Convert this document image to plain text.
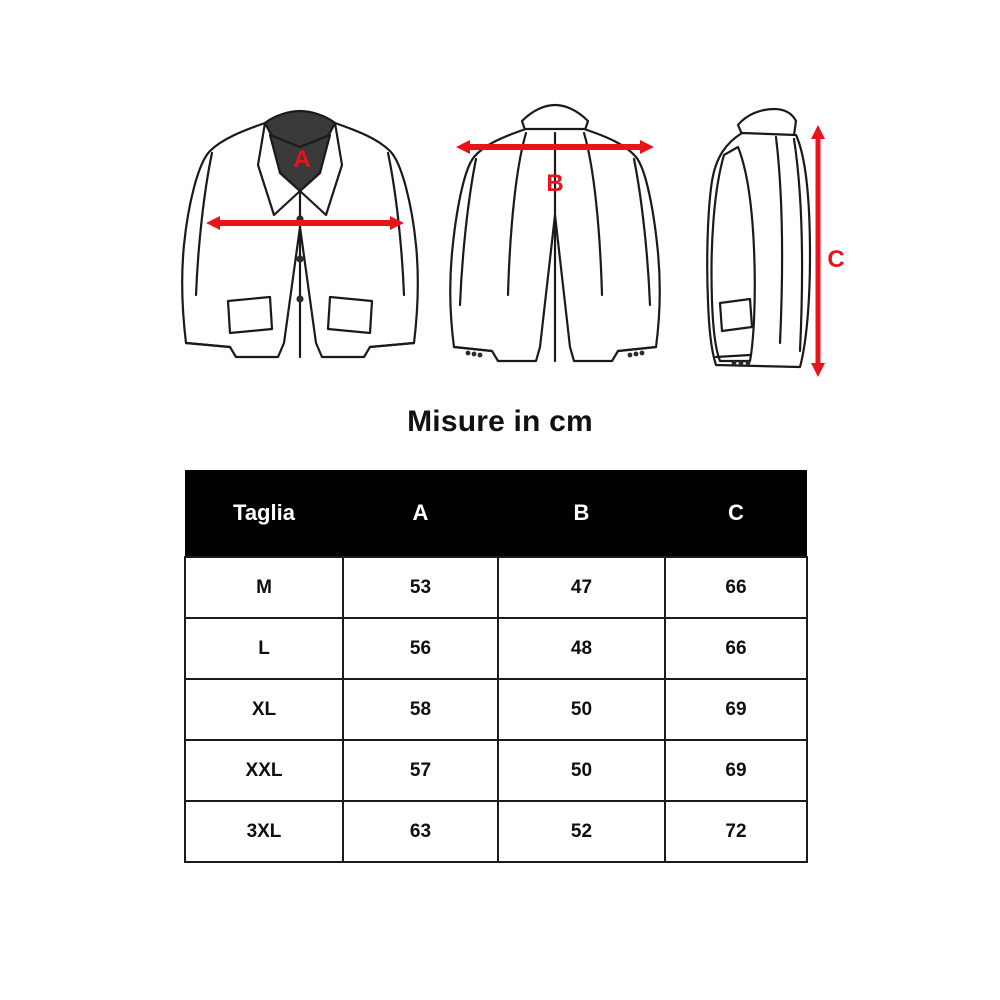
A
B
C
Misure in cm
Taglia	A	B	C
M	53	47	66
L	56	48	66
XL	58	50	69
XXL	57	50	69
3XL	63	52	72
